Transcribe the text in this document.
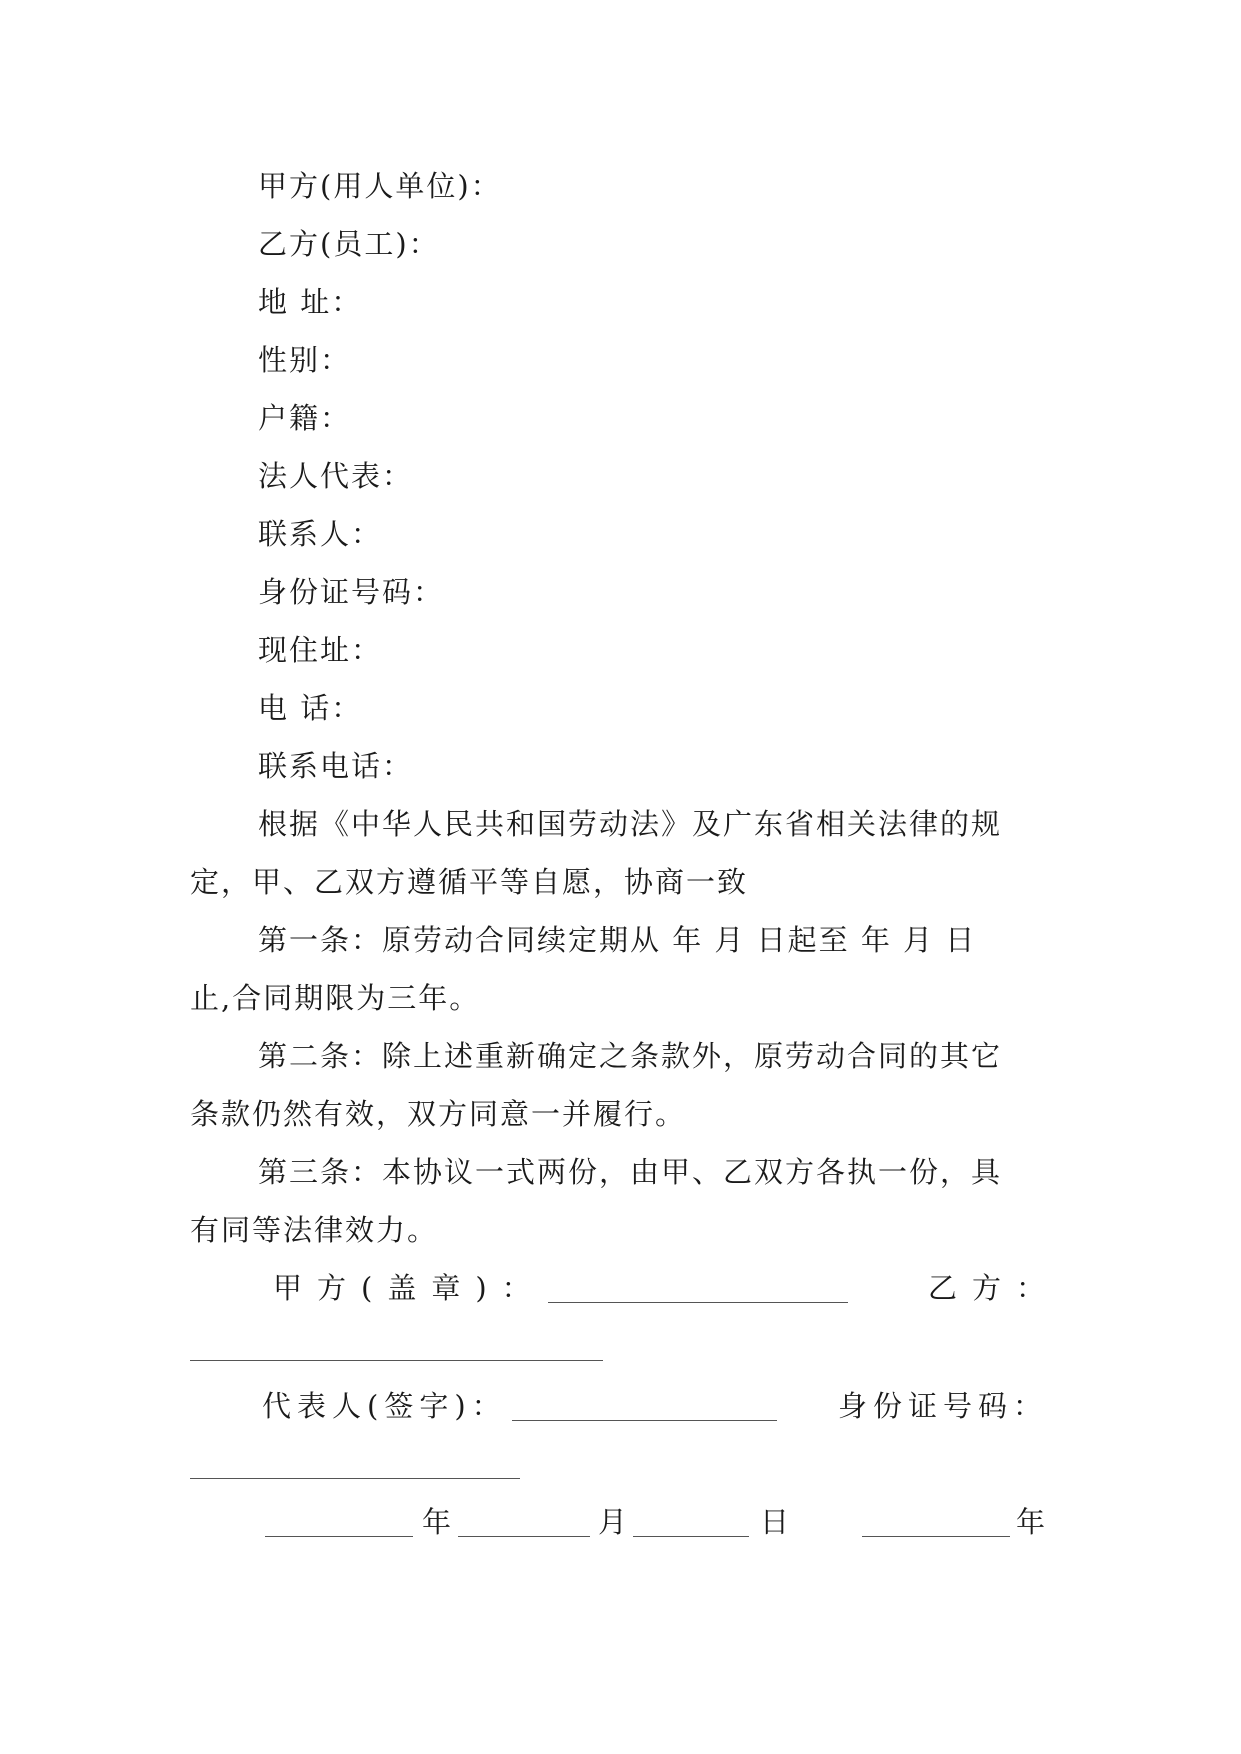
甲方(用人单位)：
乙方(员工)：
地 址：
性别：
户籍：
法人代表：
联系人：
身份证号码：
现住址：
电 话：
联系电话：
根据《中华人民共和国劳动法》及广东省相关法律的规
定，甲、乙双方遵循平等自愿，协商一致
第一条：原劳动合同续定期从 年 月 日起至 年 月 日
止,合同期限为三年。
第二条：除上述重新确定之条款外，原劳动合同的其它
条款仍然有效，双方同意一并履行。
第三条：本协议一式两份，由甲、乙双方各执一份，具
有同等法律效力。
甲方(盖章)：	乙方：
代表人(签字)：	身份证号码：
年	月	日	年
